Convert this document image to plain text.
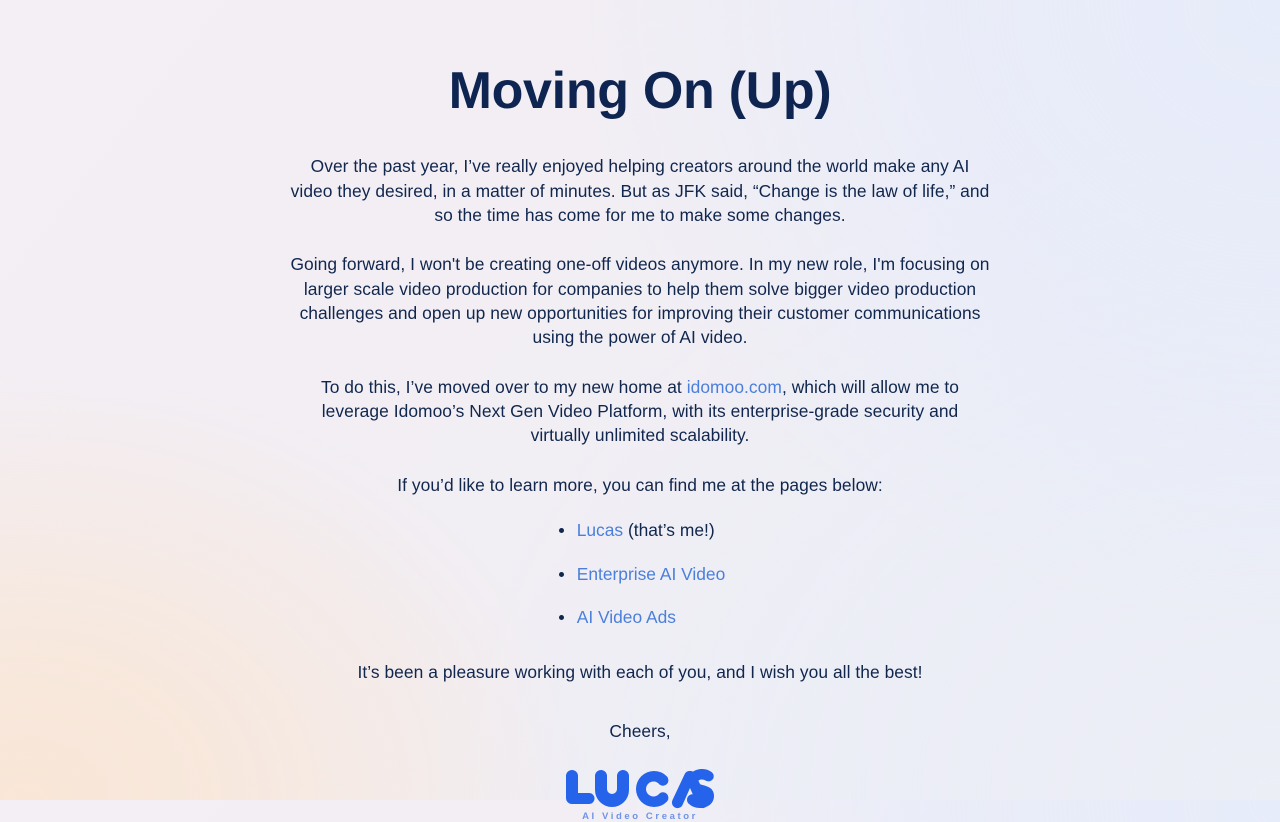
Moving On (Up)

Over the past year, I’ve really enjoyed helping creators around the world make any AI video they desired, in a matter of minutes. But as JFK said, “Change is the law of life,” and so the time has come for me to make some changes.

Going forward, I won't be creating one-off videos anymore. In my new role, I'm focusing on larger scale video production for companies to help them solve bigger video production challenges and open up new opportunities for improving their customer communications using the power of AI video.

To do this, I’ve moved over to my new home at idomoo.com, which will allow me to leverage Idomoo’s Next Gen Video Platform, with its enterprise-grade security and virtually unlimited scalability.

If you’d like to learn more, you can find me at the pages below:

Lucas (that’s me!)
Enterprise AI Video
AI Video Ads

It’s been a pleasure working with each of you, and I wish you all the best!

Cheers,

AI Video Creator
